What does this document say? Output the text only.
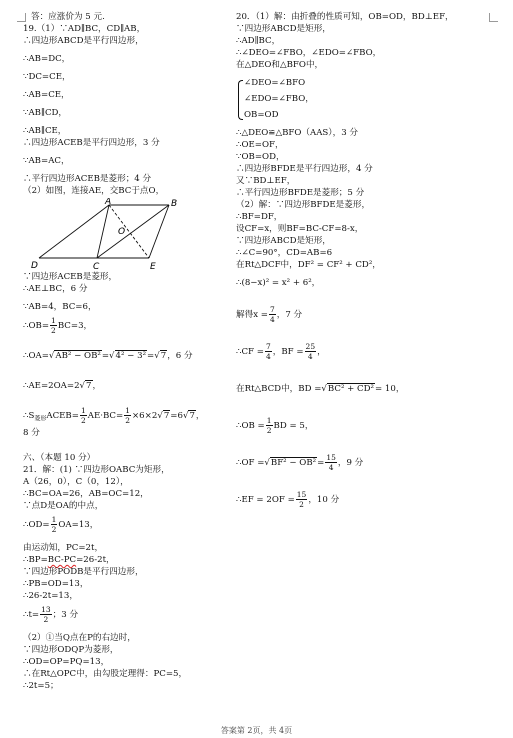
答：应涨价为 5 元.
19.（1）∵AD∥BC，CD∥AB，
∴四边形ABCD是平行四边形，
∴AB=DC，
∵DC=CE，
∴AB=CE，
∵AB∥CD，
∴AB∥CE，
∴四边形ACEB是平行四边形，3 分
∵AB=AC，
∴平行四边形ACEB是菱形；4 分
（2）如图，连接AE，交BC于点O，
A	B
D	C	E
O
∵四边形ACEB是菱形，
∴AE⊥BC，6 分
∵AB=4，BC=6，
∴OB= $\frac{1}{2} BC=3$，
∴OA=√AB² − OB²=√4² − 3²=√7，6 分
∴AE=2OA=2√7，
$\therefore S_{菱形}ACEB= \frac{1}{2} AE\cdot BC= \frac{1}{2} \times 6\times 2√7=6√7$，
8 分
六、（本题 10 分）
21．解：(1) ∵四边形OABC为矩形，
A（26，0），C（0，12），
∴BC=OA=26，AB=OC=12，
∵点D是OA的中点，
∴OD= $\frac{1}{2} OA=13$，
由运动知，PC=2t，
∴BP=BC-PC=26-2t，
∵四边形PODB是平行四边形，
∴PB=OD=13，
∴26-2t=13，
∴t= $\frac{13}{2}$ ；3 分
（2）①当Q点在P的右边时，
∵四边形ODQP为菱形，
∴OD=OP=PQ=13，
∴在Rt△OPC中，由勾股定理得：PC=5，
∴2t=5；
20．（1）解：由折叠的性质可知，OB=OD，BD⊥EF，
∵四边形ABCD是矩形，
∴AD∥BC，
∴∠DEO=∠FBO，∠EDO=∠FBO，
在△DEO和△BFO中，
∠DEO=∠BFO
∠EDO=∠FBO，
OB=OD
∴△DEO≌△BFO（AAS），3 分
∴OE=OF，
∵OB=OD，
∴四边形BFDE是平行四边形，4 分
又∵BD⊥EF，
∴平行四边形BFDE是菱形；5 分
（2）解：∵四边形BFDE是菱形，
∴BF=DF，
设CF=x，则BF=BC-CF=8-x，
∵四边形ABCD是矩形，
∴∠C=90°，CD=AB=6
在Rt△DCF中，DF² = CF² + CD²，
∴(8−x)² = x² + 6²，
解得$x = \frac{7}{4}$ ，7 分
∴CF = $\frac{7}{4}$ ，BF = $\frac{25}{4}$ ，
在Rt△BCD中，BD =√BC² + CD²= 10，
∴OB = $\frac{1}{2}$ BD = 5，
∴OF $=√BF^2 - OB^2= \frac{15}{4}$ ，9 分
∴EF = $2OF = \frac{15}{2}$ ，10 分
答案第 2页，共 4页
